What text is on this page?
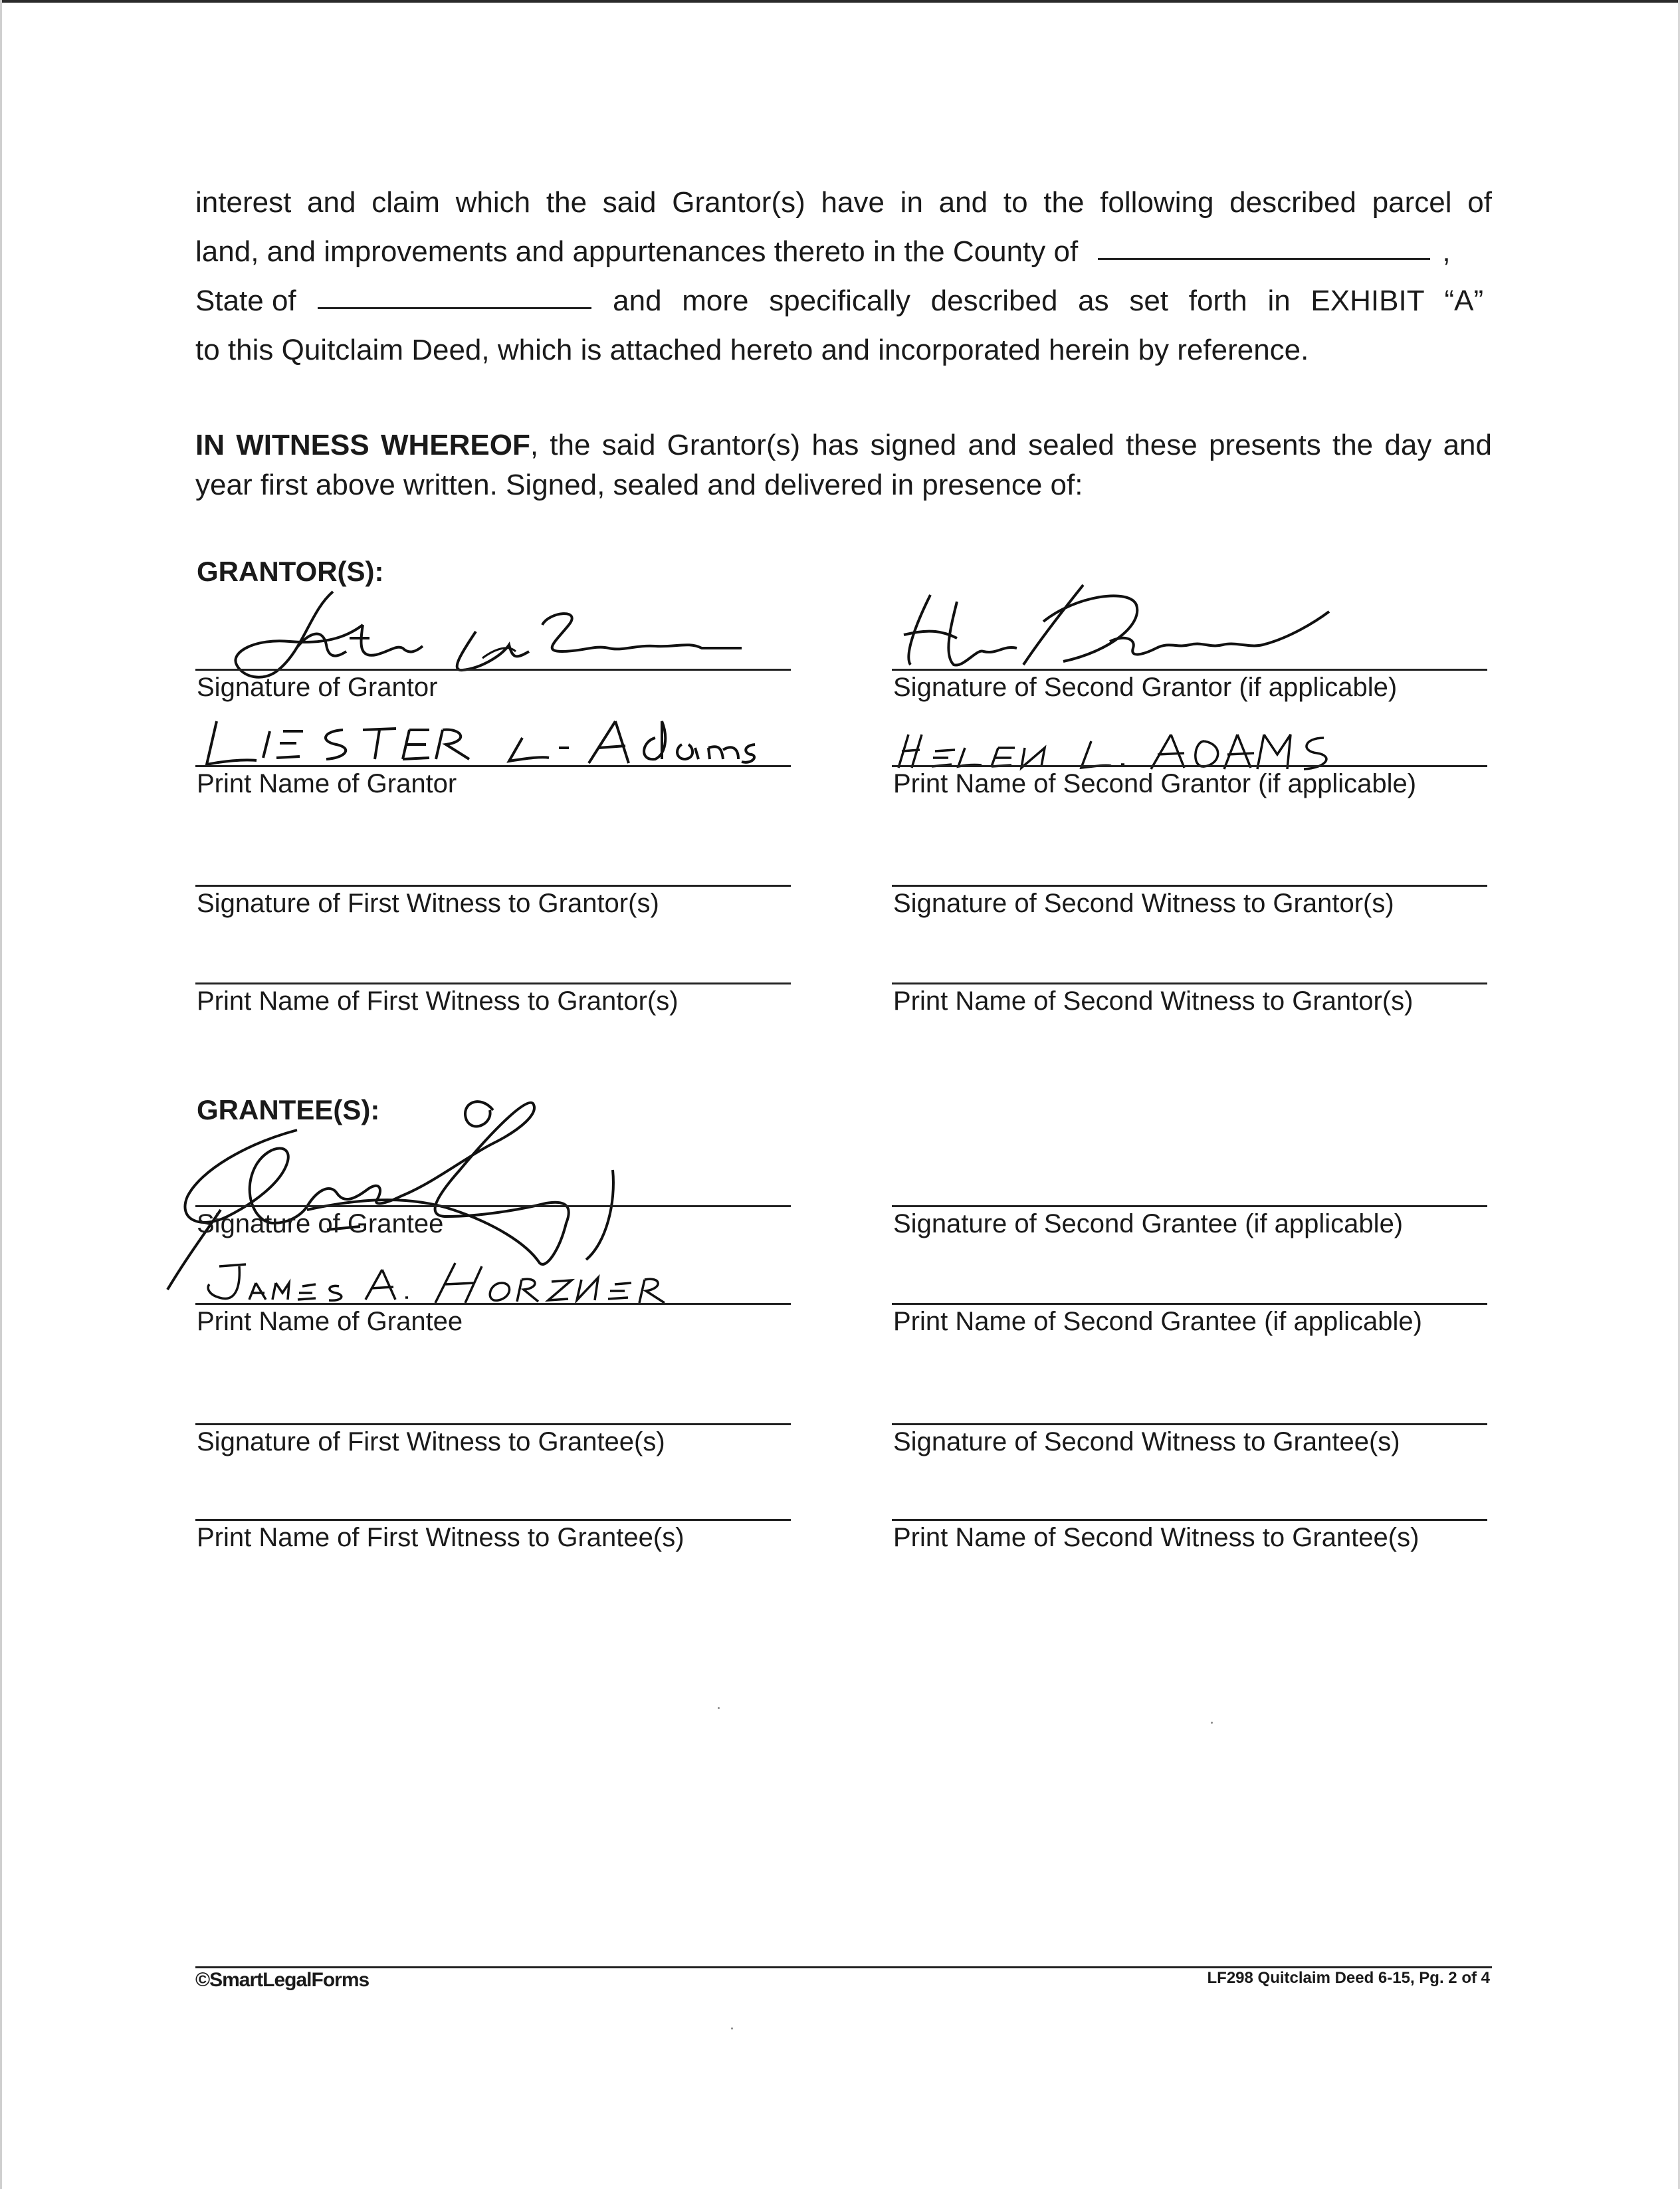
interest and claim which the said Grantor(s) have in and to the following described parcel of
land, and improvements and appurtenances thereto in the County of	,
State of	and more specifically described as set forth in EXHIBIT “A”
to this Quitclaim Deed, which is attached hereto and incorporated herein by reference.
IN WITNESS WHEREOF, the said Grantor(s) has signed and sealed these presents the day and
year first above written. Signed, sealed and delivered in presence of:
GRANTOR(S):
Signature of Grantor	Signature of Second Grantor (if applicable)
Print Name of Grantor	Print Name of Second Grantor (if applicable)
Signature of First Witness to Grantor(s)	Signature of Second Witness to Grantor(s)
Print Name of First Witness to Grantor(s)	Print Name of Second Witness to Grantor(s)
GRANTEE(S):
Signature of Grantee	Signature of Second Grantee (if applicable)
Print Name of Grantee	Print Name of Second Grantee (if applicable)
Signature of First Witness to Grantee(s)	Signature of Second Witness to Grantee(s)
Print Name of First Witness to Grantee(s)	Print Name of Second Witness to Grantee(s)
©SmartLegalForms	LF298 Quitclaim Deed 6-15, Pg. 2 of 4
